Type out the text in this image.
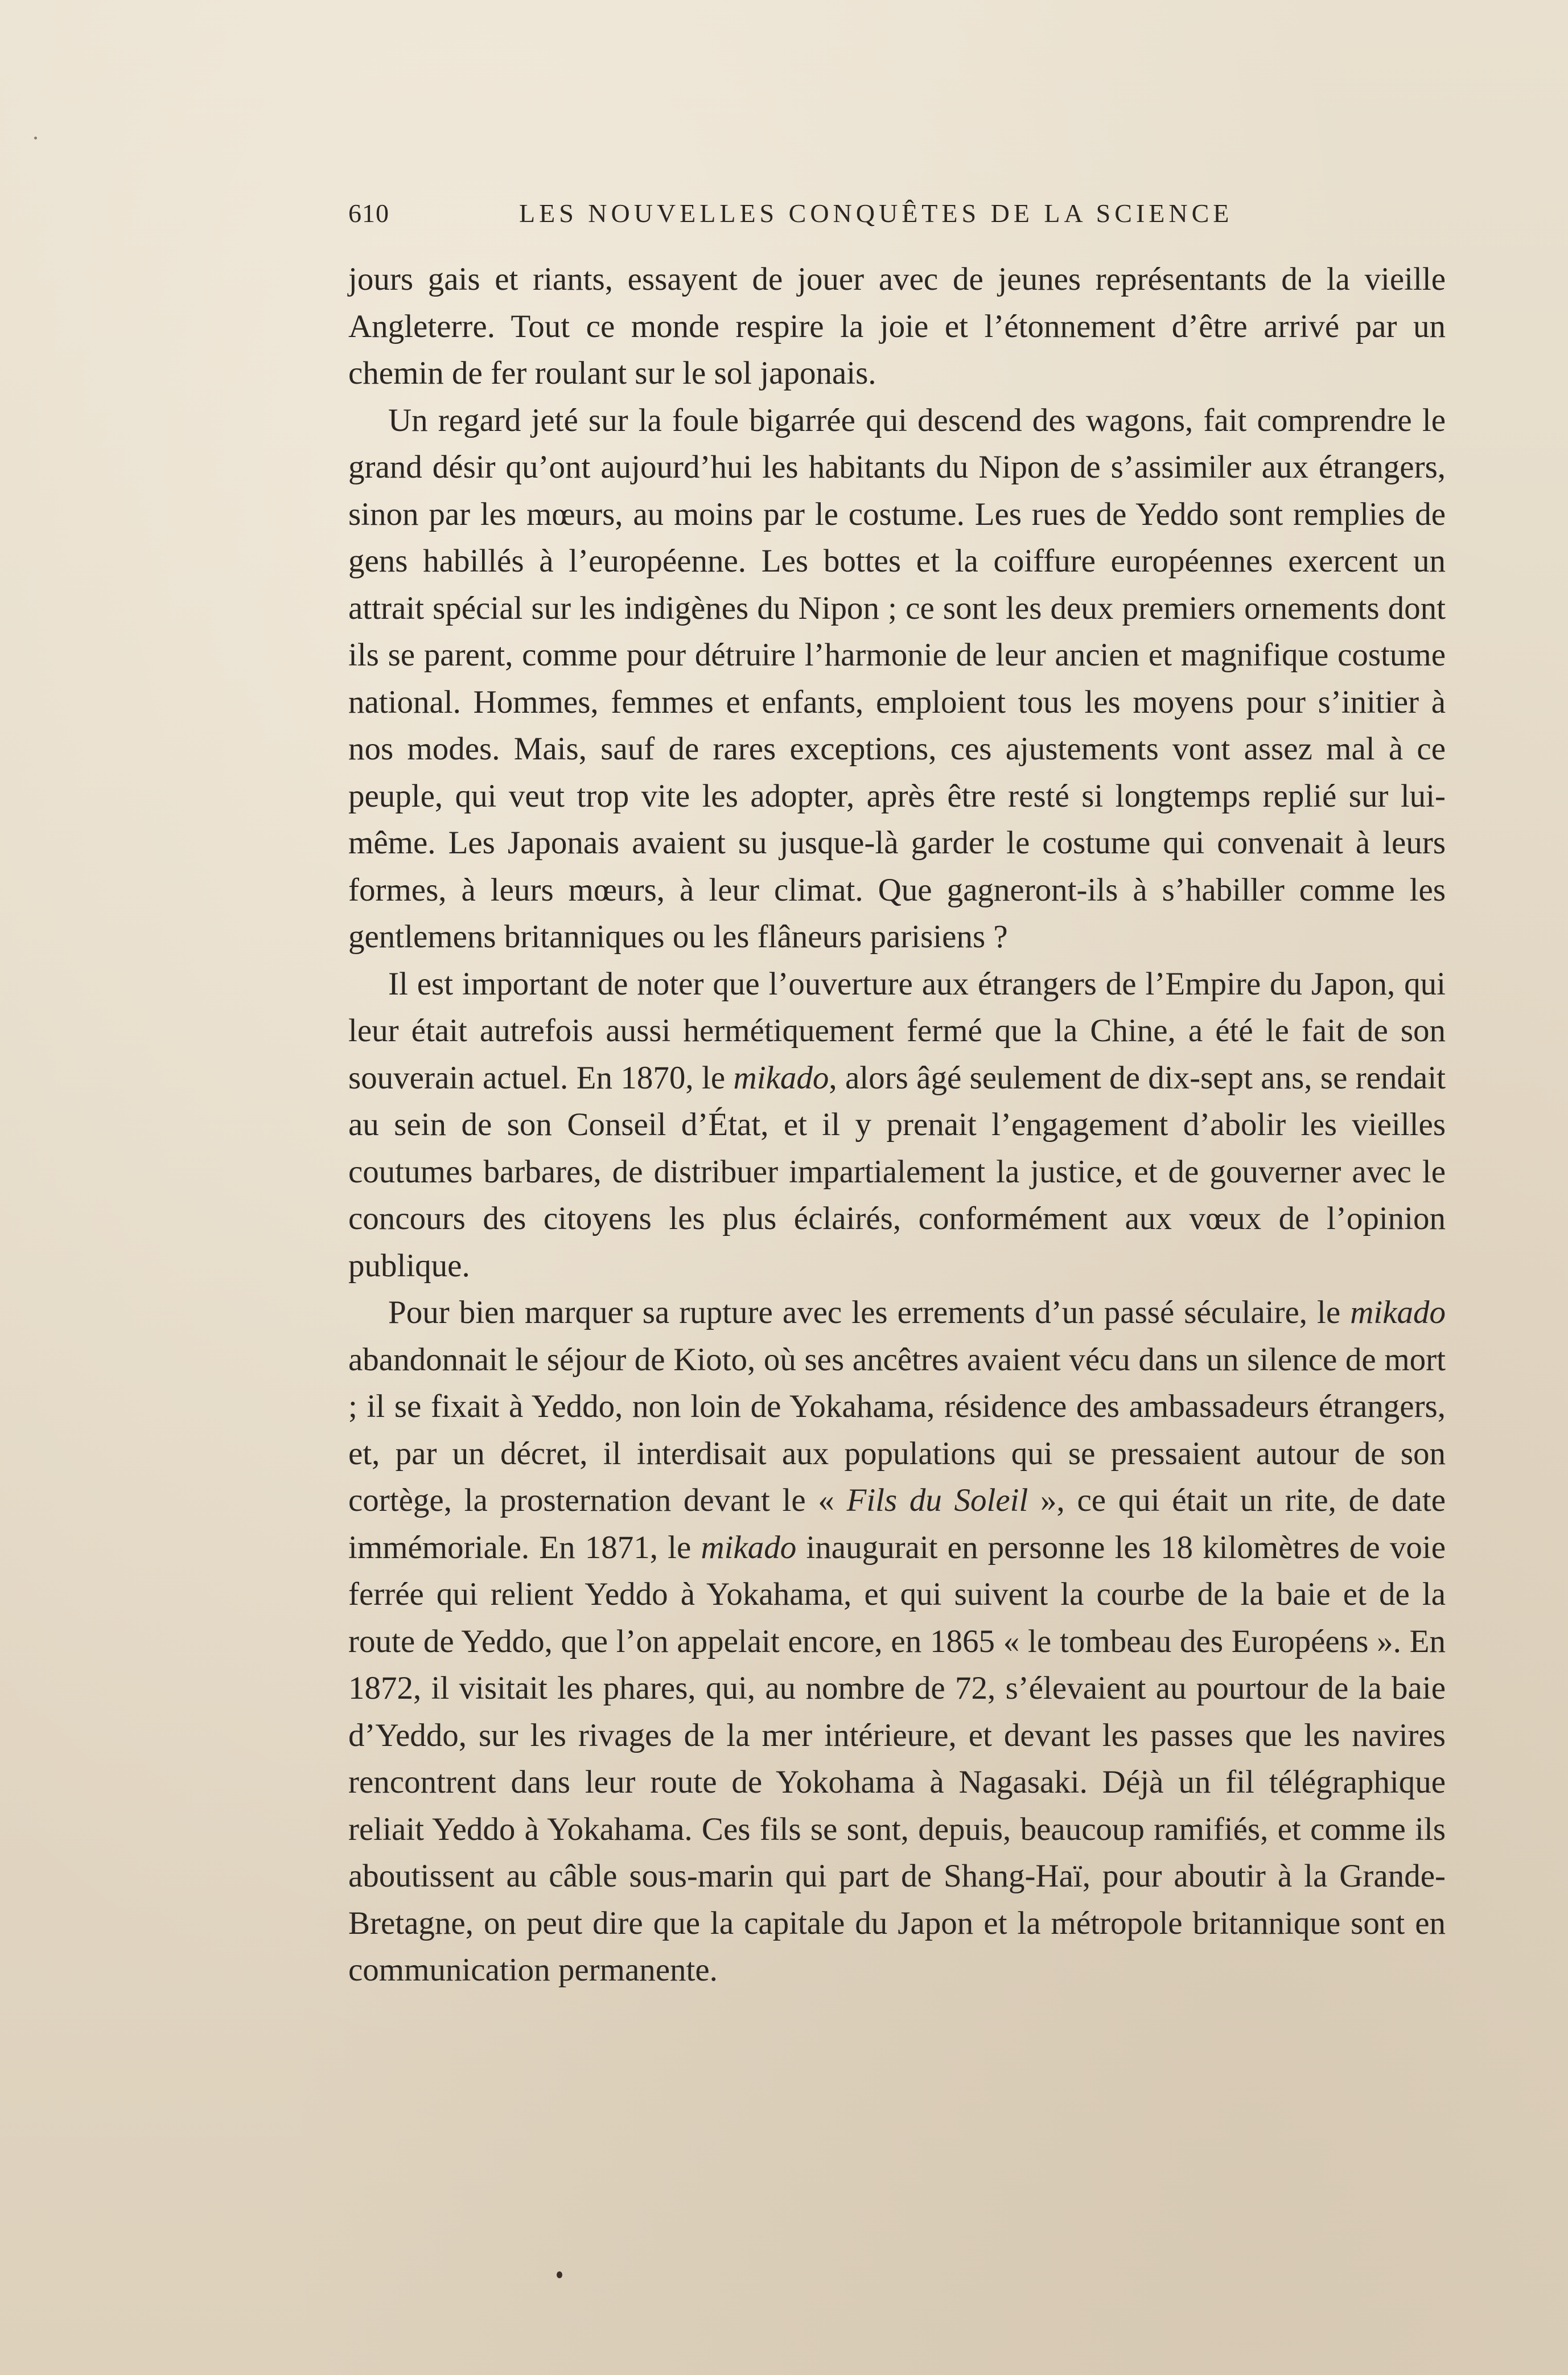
610	LES NOUVELLES CONQUÊTES DE LA SCIENCE

jours gais et riants, essayent de jouer avec de jeunes représentants de la vieille Angleterre. Tout ce monde respire la joie et l’étonnement d’être arrivé par un chemin de fer roulant sur le sol japonais.

Un regard jeté sur la foule bigarrée qui descend des wagons, fait comprendre le grand désir qu’ont aujourd’hui les habitants du Nipon de s’assimiler aux étrangers, sinon par les mœurs, au moins par le costume. Les rues de Yeddo sont remplies de gens habillés à l’européenne. Les bottes et la coiffure européennes exercent un attrait spécial sur les indigènes du Nipon ; ce sont les deux premiers ornements dont ils se parent, comme pour détruire l’harmonie de leur ancien et magnifique costume national. Hommes, femmes et enfants, emploient tous les moyens pour s’initier à nos modes. Mais, sauf de rares exceptions, ces ajustements vont assez mal à ce peuple, qui veut trop vite les adopter, après être resté si longtemps replié sur lui-même. Les Japonais avaient su jusque-là garder le costume qui convenait à leurs formes, à leurs mœurs, à leur climat. Que gagneront-ils à s’habiller comme les gentlemens britanniques ou les flâneurs parisiens ?

Il est important de noter que l’ouverture aux étrangers de l’Empire du Japon, qui leur était autrefois aussi hermétiquement fermé que la Chine, a été le fait de son souverain actuel. En 1870, le mikado, alors âgé seulement de dix-sept ans, se rendait au sein de son Conseil d’État, et il y prenait l’engagement d’abolir les vieilles coutumes barbares, de distribuer impartialement la justice, et de gouverner avec le concours des citoyens les plus éclairés, conformément aux vœux de l’opinion publique.

Pour bien marquer sa rupture avec les errements d’un passé séculaire, le mikado abandonnait le séjour de Kioto, où ses ancêtres avaient vécu dans un silence de mort ; il se fixait à Yeddo, non loin de Yokahama, résidence des ambassadeurs étrangers, et, par un décret, il interdisait aux populations qui se pressaient autour de son cortège, la prosternation devant le « Fils du Soleil », ce qui était un rite, de date immémoriale. En 1871, le mikado inaugurait en personne les 18 kilomètres de voie ferrée qui relient Yeddo à Yokahama, et qui suivent la courbe de la baie et de la route de Yeddo, que l’on appelait encore, en 1865 « le tombeau des Européens ». En 1872, il visitait les phares, qui, au nombre de 72, s’élevaient au pourtour de la baie d’Yeddo, sur les rivages de la mer intérieure, et devant les passes que les navires rencontrent dans leur route de Yokohama à Nagasaki. Déjà un fil télégraphique reliait Yeddo à Yokahama. Ces fils se sont, depuis, beaucoup ramifiés, et comme ils aboutissent au câble sous-marin qui part de Shang-Haï, pour aboutir à la Grande-Bretagne, on peut dire que la capitale du Japon et la métropole britannique sont en communication permanente.
